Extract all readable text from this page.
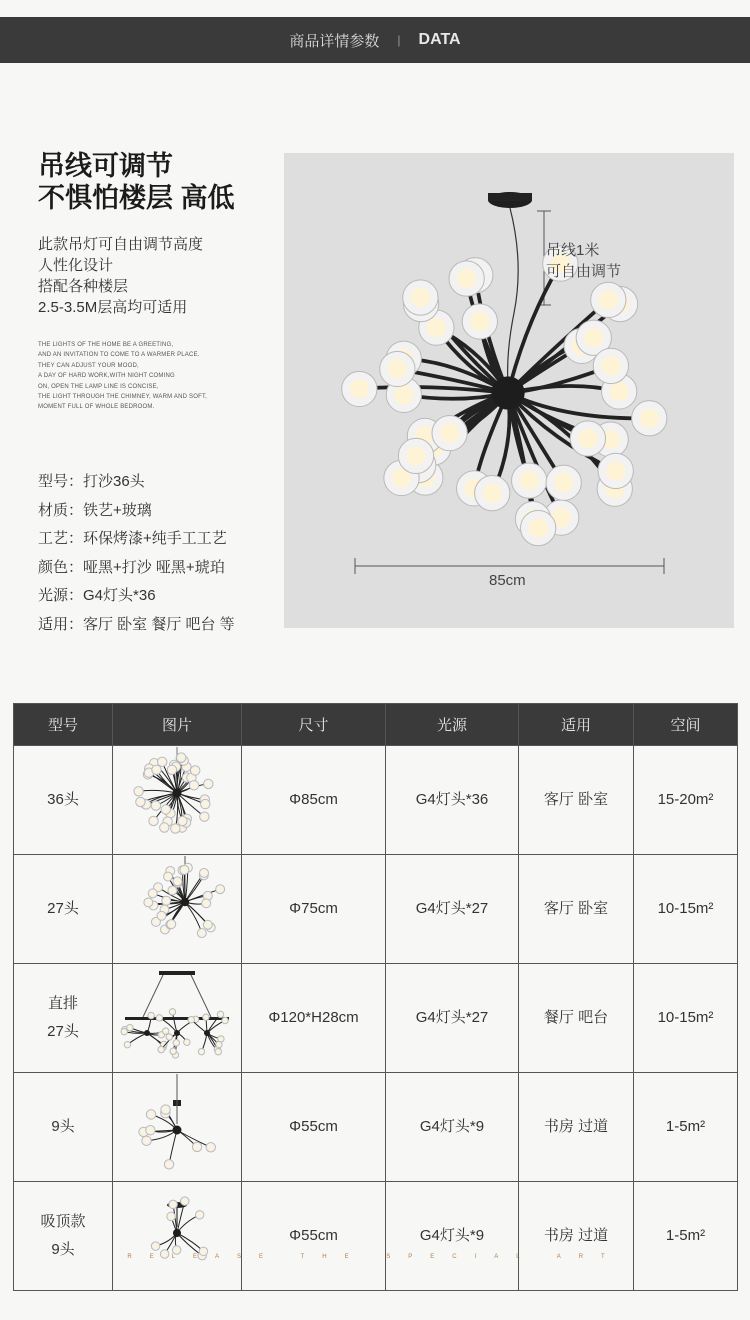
商品详情参数 | DATA
吊线可调节
不惧怕楼层 高低
此款吊灯可自由调节高度
人性化设计
搭配各种楼层
2.5-3.5M层高均可适用
THE LIGHTS OF THE HOME BE A GREETING,
AND AN INVITATION TO COME TO A WARMER PLACE.
THEY CAN ADJUST YOUR MOOD,
A DAY OF HARD WORK,WITH NIGHT COMING
ON, OPEN THE LAMP LINE IS CONCISE,
THE LIGHT THROUGH THE CHIMNEY, WARM AND SOFT,
MOMENT FULL OF WHOLE BEDROOM.
型号：打沙36头
材质：铁艺+玻璃
工艺：环保烤漆+纯手工工艺
颜色：哑黑+打沙 哑黑+琥珀
光源：G4灯头*36
适用：客厅 卧室 餐厅 吧台 等
吊线1米
可自由调节
85cm
型号	图片	尺寸	光源	适用	空间

36头		Φ85cm	G4灯头*36	客厅 卧室	15-20m²

27头		Φ75cm	G4灯头*27	客厅 卧室	10-15m²

直排
27头		Φ120*H28cm	G4灯头*27	餐厅 吧台	10-15m²

9头		Φ55cm	G4灯头*9	书房 过道	1-5m²

吸顶款
9头		Φ55cm	G4灯头*9	书房 过道	1-5m²
RELEASE THE SPECIAL ART
